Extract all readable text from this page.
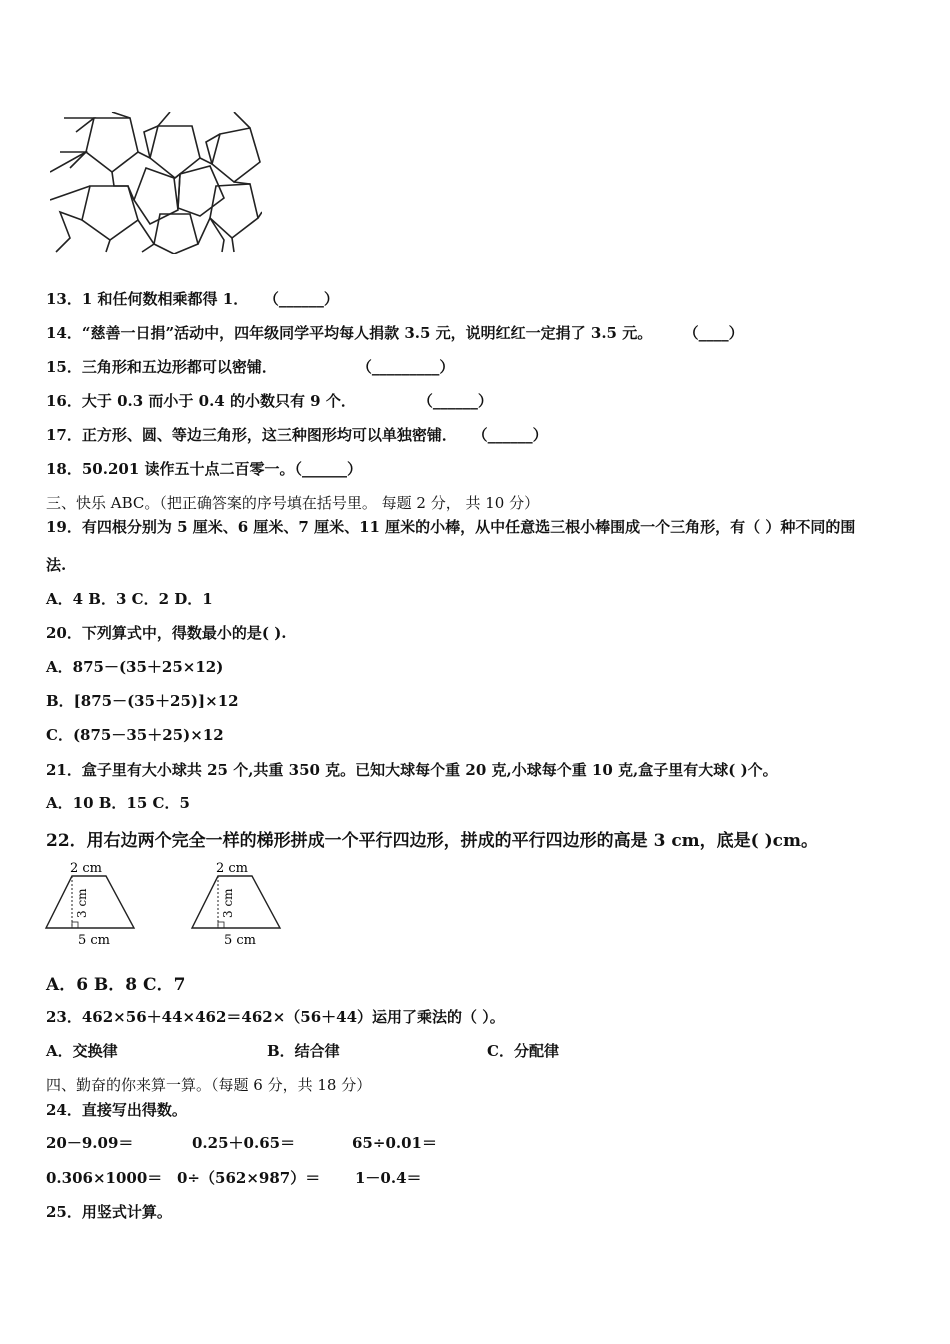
13．1 和任何数相乘都得 1． （______）
14．“慈善一日捐”活动中，四年级同学平均每人捐款 3.5 元，说明红红一定捐了 3.5 元。 （____）
15．三角形和五边形都可以密铺．	（_________）
16．大于 0.3 而小于 0.4 的小数只有 9 个．	（______）
17．正方形、圆、等边三角形，这三种图形均可以单独密铺． （______）
18．50.201 读作五十点二百零一。（______）
三、快乐 ABC。（把正确答案的序号填在括号里。 每题 2 分， 共 10 分）
19．有四根分别为 5 厘米、6 厘米、7 厘米、11 厘米的小棒，从中任意选三根小棒围成一个三角形，有（ ）种不同的围
法.
A．4 B．3 C．2 D．1
20．下列算式中，得数最小的是( ).
A．875－(35＋25×12)
B．[875－(35＋25)]×12
C．(875－35＋25)×12
21．盒子里有大小球共 25 个,共重 350 克。已知大球每个重 20 克,小球每个重 10 克,盒子里有大球( )个。
A．10 B．15 C．5
22．用右边两个完全一样的梯形拼成一个平行四边形，拼成的平行四边形的高是 3 cm，底是( )cm。
2 cm
3 cm
5 cm
2 cm
3 cm
5 cm
A．6 B．8 C．7
23．462×56＋44×462＝462×（56＋44）运用了乘法的（ ）。
A．交换律	B．结合律	C．分配律
四、勤奋的你来算一算。（每题 6 分，共 18 分）
24．直接写出得数。
20－9.09＝	0.25＋0.65＝	65÷0.01＝
0.306×1000＝ 0÷（562×987）＝ 1－0.4＝
25．用竖式计算。
